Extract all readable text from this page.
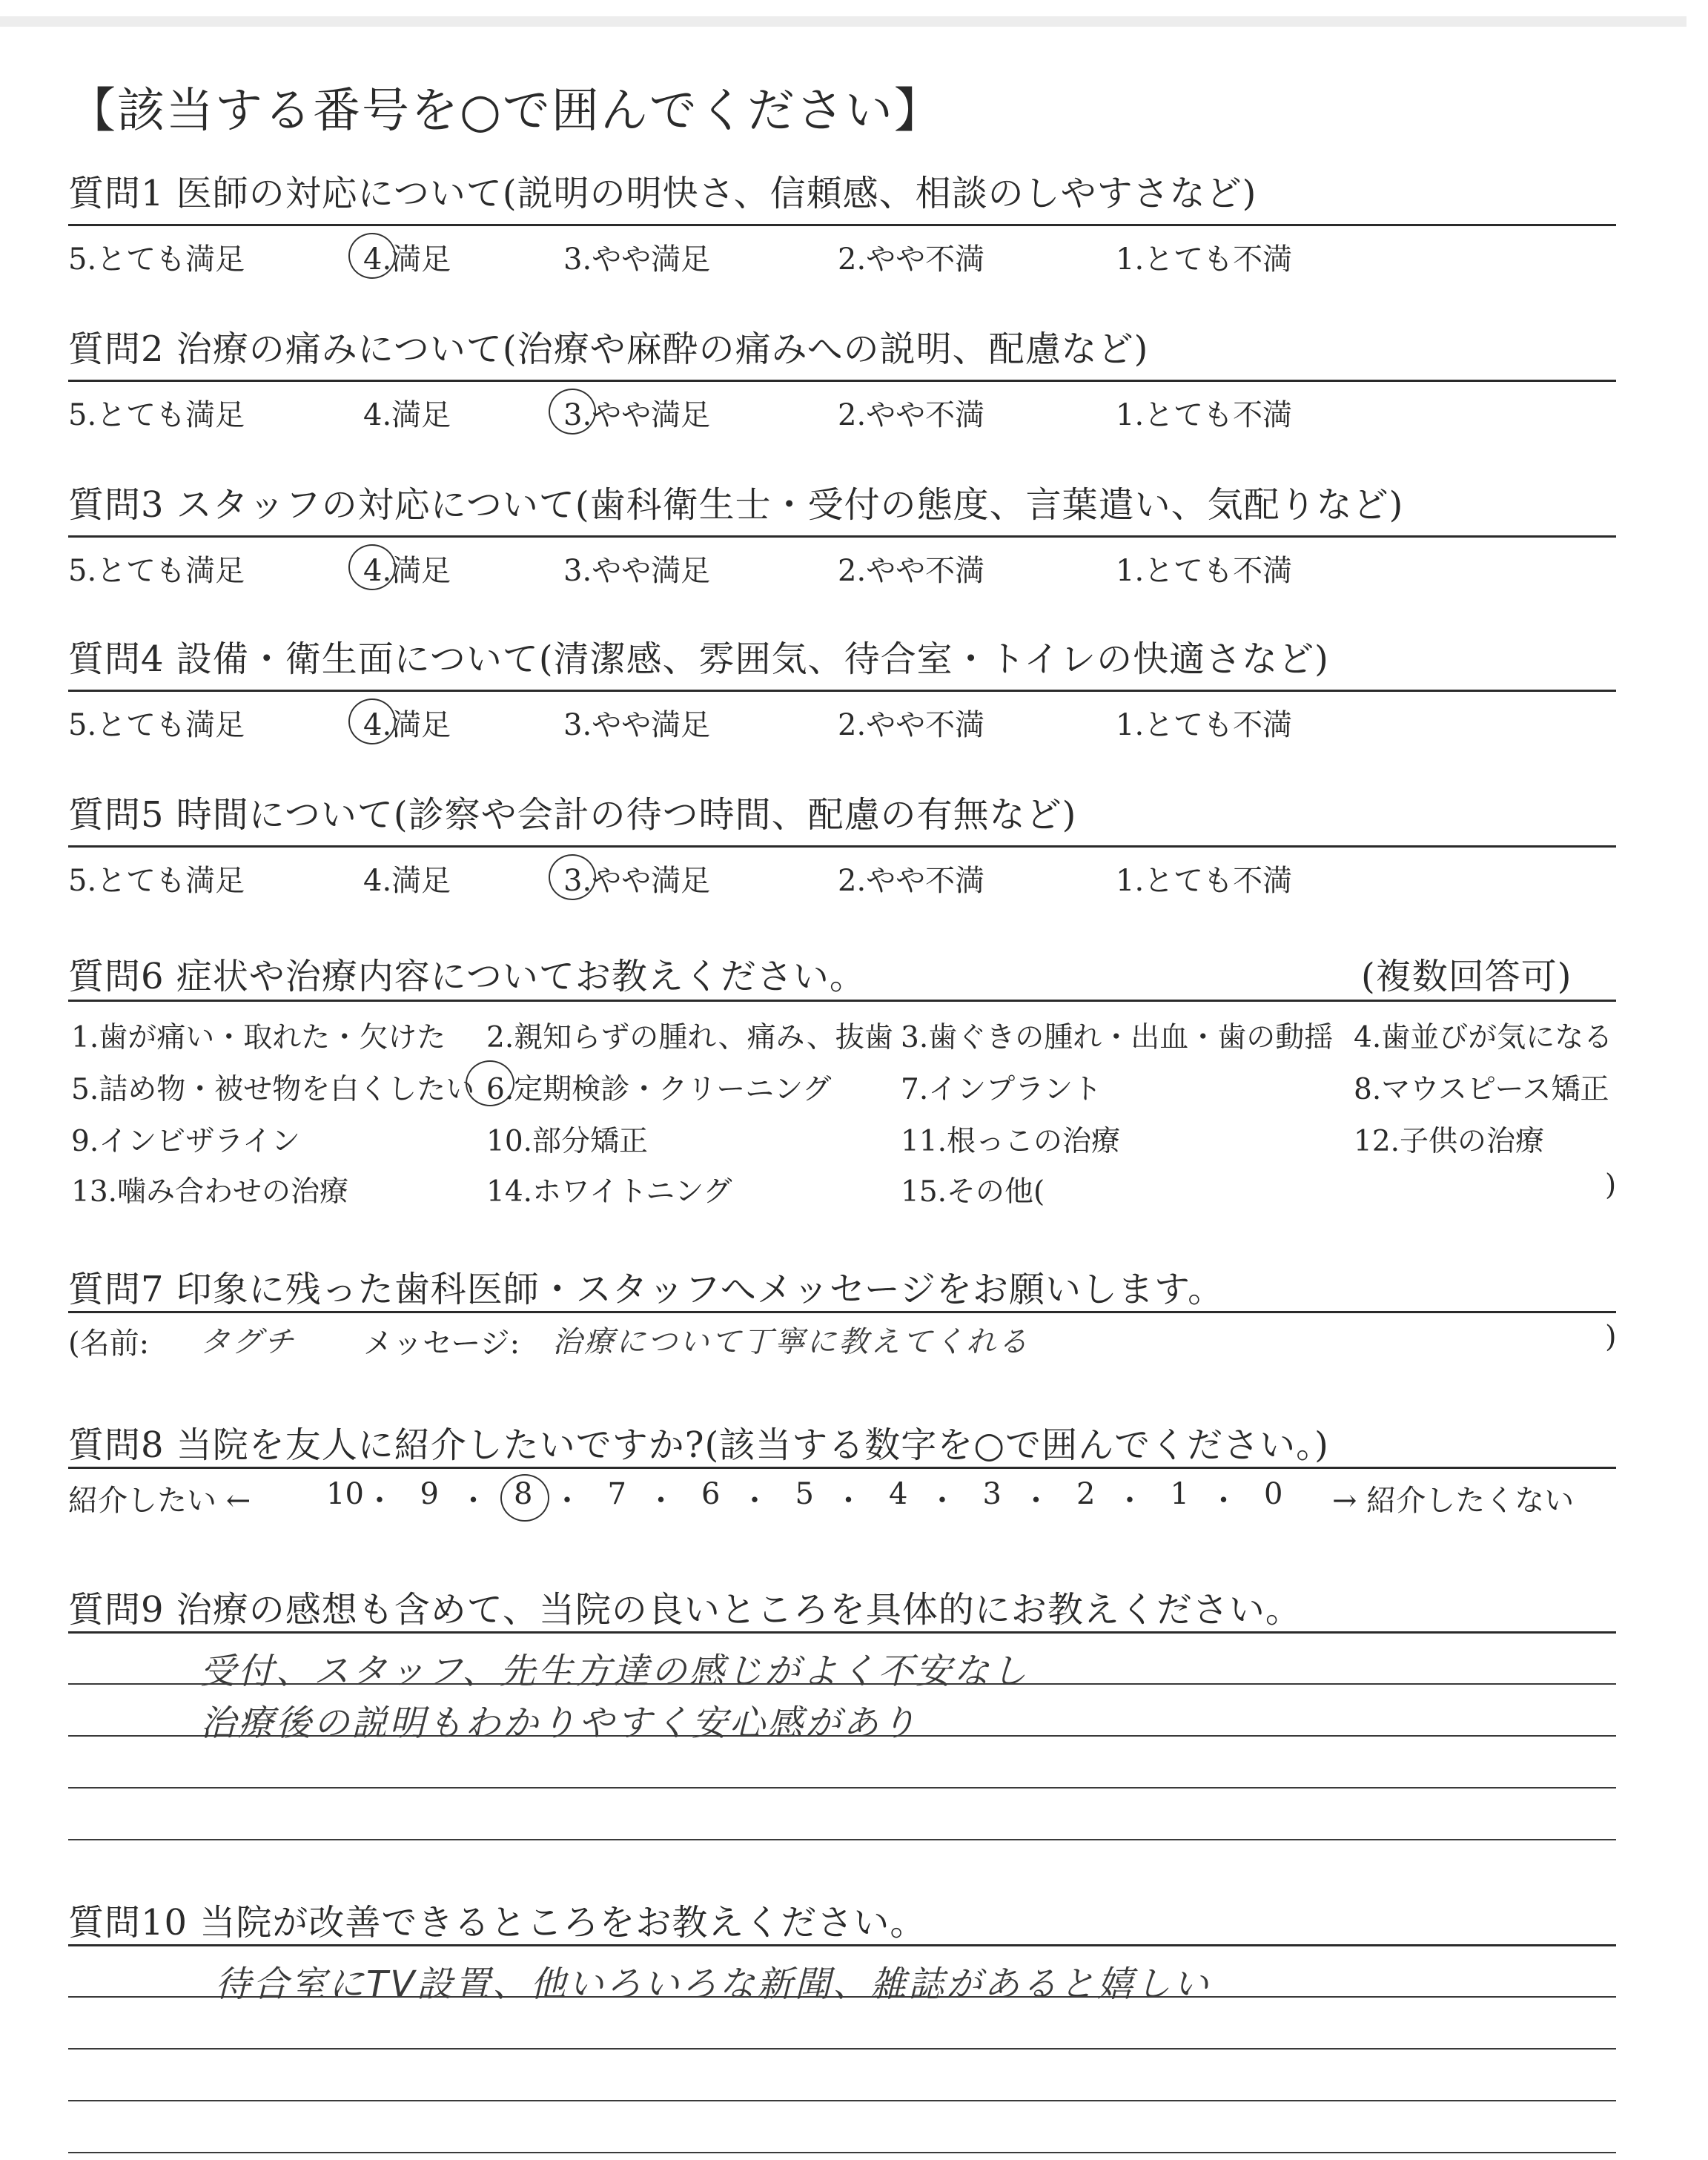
【該当する番号を○で囲んでください】
質問6 症状や治療内容についてお教えください。	(複数回答可)
質問7 印象に残った歯科医師・スタッフへメッセージをお願いします。
(名前: タグチ メッセージ: 治療について丁寧に教えてくれる	)
質問8 当院を友人に紹介したいですか?(該当する数字を○で囲んでください。)
紹介したい ←	→ 紹介したくない
質問9 治療の感想も含めて、当院の良いところを具体的にお教えください。
受付、スタッフ、先生方達の感じがよく不安なし
治療後の説明もわかりやすく安心感があり
質問10 当院が改善できるところをお教えください。
待合室にTV設置、他いろいろな新聞、雑誌があると嬉しい
質問1 医師の対応について(説明の明快さ、信頼感、相談のしやすさなど)
5.とても満足	4.満足	3.やや満足	2.やや不満	1.とても不満
質問2 治療の痛みについて(治療や麻酔の痛みへの説明、配慮など)
5.とても満足	4.満足	3.やや満足	2.やや不満	1.とても不満
質問3 スタッフの対応について(歯科衛生士・受付の態度、言葉遣い、気配りなど)
5.とても満足	4.満足	3.やや満足	2.やや不満	1.とても不満
質問4 設備・衛生面について(清潔感、雰囲気、待合室・トイレの快適さなど)
5.とても満足	4.満足	3.やや満足	2.やや不満	1.とても不満
質問5 時間について(診察や会計の待つ時間、配慮の有無など)
5.とても満足	4.満足	3.やや満足	2.やや不満	1.とても不満
1.歯が痛い・取れた・欠けた 2.親知らずの腫れ、痛み、抜歯 3.歯ぐきの腫れ・出血・歯の動揺 4.歯並びが気になる
5.詰め物・被せ物を白くしたい 6.定期検診・クリーニング 7.インプラント	8.マウスピース矯正
9.インビザライン	10.部分矯正	11.根っこの治療	12.子供の治療
13.噛み合わせの治療	14.ホワイトニング	15.その他(	)
10 ・ 9 ・ 8 ・ 7 ・ 6 ・ 5 ・ 4 ・ 3 ・ 2 ・ 1 ・ 0
